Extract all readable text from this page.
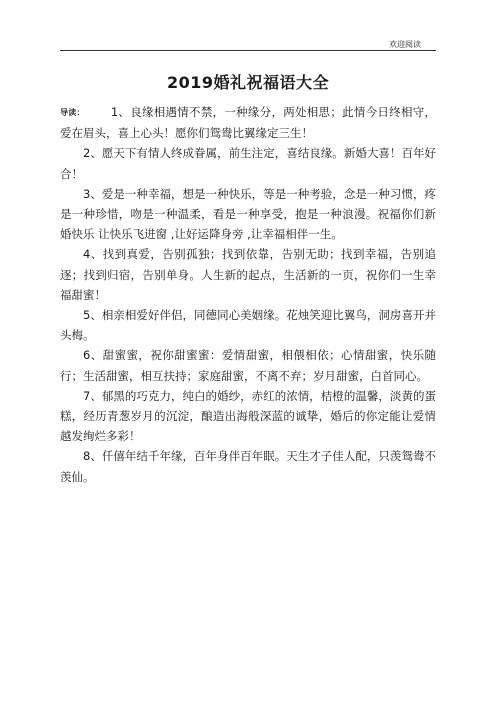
欢迎阅读
2019婚礼祝福语大全

导读： 1、良缘相遇情不禁，一种缘分，两处相思；此情今日终相守，爱在眉头，喜上心头！愿你们鸳鸯比翼缘定三生！

2、愿天下有情人终成眷属，前生注定，喜结良缘。新婚大喜！百年好合！

3、爱是一种幸福，想是一种快乐，等是一种考验，念是一种习惯，疼是一种珍惜，吻是一种温柔，看是一种享受，抱是一种浪漫。祝福你们新婚快乐 让快乐飞进窗 ,让好运降身旁 ,让幸福相伴一生。

4、找到真爱，告别孤独；找到依靠，告别无助；找到幸福，告别追逐；找到归宿，告别单身。人生新的起点，生活新的一页，祝你们一生幸福甜蜜！

5、相亲相爱好伴侣，同德同心美姻缘。花烛笑迎比翼鸟，洞房喜开并头梅。

6、甜蜜蜜，祝你甜蜜蜜：爱情甜蜜，相偎相依；心情甜蜜，快乐随行；生活甜蜜，相互扶持；家庭甜蜜，不离不弃；岁月甜蜜，白首同心。

7、郁黑的巧克力，纯白的婚纱，赤红的浓情，桔橙的温馨，淡黄的蛋糕，经历青葱岁月的沉淀，酿造出海般深蓝的诚挚，婚后的你定能让爱情越发绚烂多彩！

8、仟僖年结千年缘，百年身伴百年眠。天生才子佳人配，只羡鸳鸯不羡仙。
